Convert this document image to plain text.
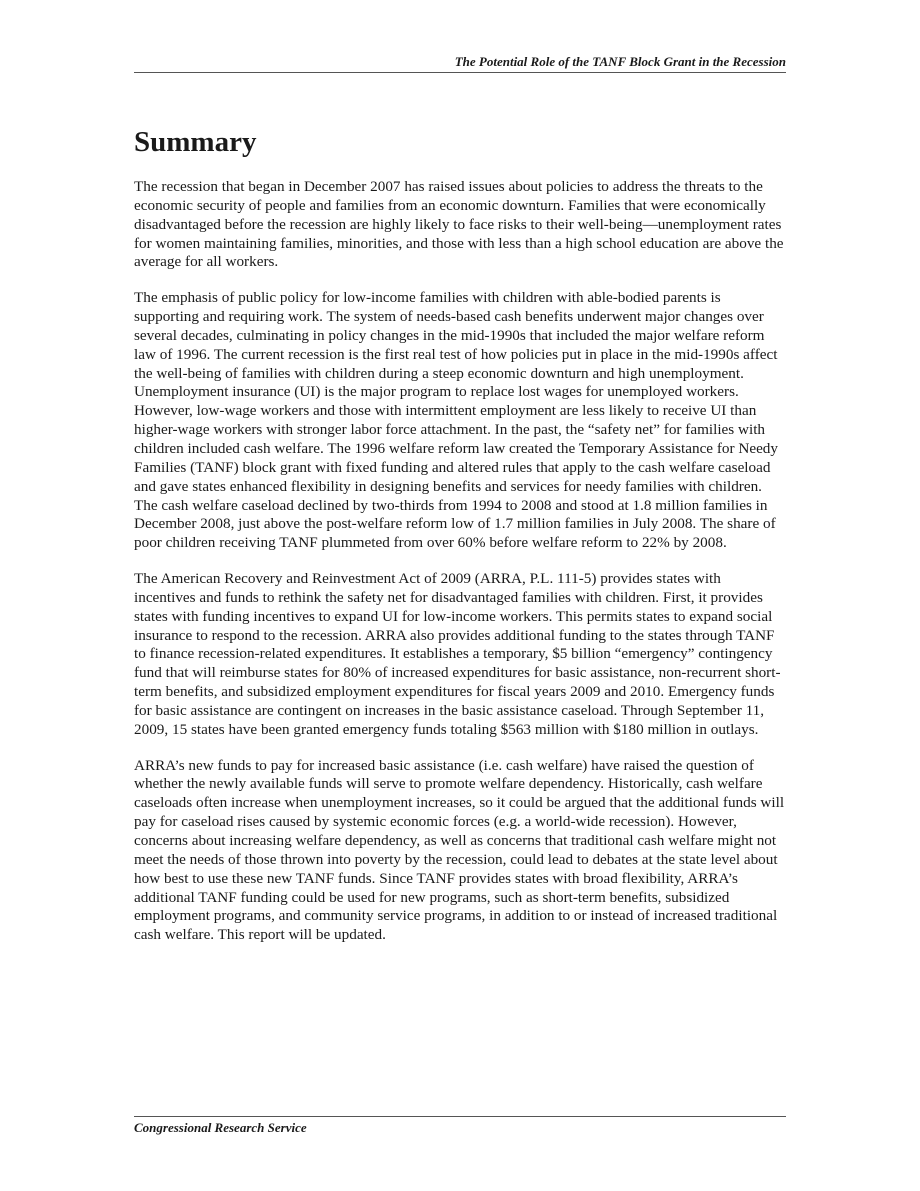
The Potential Role of the TANF Block Grant in the Recession
Summary

The recession that began in December 2007 has raised issues about policies to address the threats to the economic security of people and families from an economic downturn. Families that were economically disadvantaged before the recession are highly likely to face risks to their well-being—unemployment rates for women maintaining families, minorities, and those with less than a high school education are above the average for all workers.

The emphasis of public policy for low-income families with children with able-bodied parents is supporting and requiring work. The system of needs-based cash benefits underwent major changes over several decades, culminating in policy changes in the mid-1990s that included the major welfare reform law of 1996. The current recession is the first real test of how policies put in place in the mid-1990s affect the well-being of families with children during a steep economic downturn and high unemployment. Unemployment insurance (UI) is the major program to replace lost wages for unemployed workers. However, low-wage workers and those with intermittent employment are less likely to receive UI than higher-wage workers with stronger labor force attachment. In the past, the “safety net” for families with children included cash welfare. The 1996 welfare reform law created the Temporary Assistance for Needy Families (TANF) block grant with fixed funding and altered rules that apply to the cash welfare caseload and gave states enhanced flexibility in designing benefits and services for needy families with children. The cash welfare caseload declined by two-thirds from 1994 to 2008 and stood at 1.8 million families in December 2008, just above the post-welfare reform low of 1.7 million families in July 2008. The share of poor children receiving TANF plummeted from over 60% before welfare reform to 22% by 2008.

The American Recovery and Reinvestment Act of 2009 (ARRA, P.L. 111-5) provides states with incentives and funds to rethink the safety net for disadvantaged families with children. First, it provides states with funding incentives to expand UI for low-income workers. This permits states to expand social insurance to respond to the recession. ARRA also provides additional funding to the states through TANF to finance recession-related expenditures. It establishes a temporary, $5 billion “emergency” contingency fund that will reimburse states for 80% of increased expenditures for basic assistance, non-recurrent short-term benefits, and subsidized employment expenditures for fiscal years 2009 and 2010. Emergency funds for basic assistance are contingent on increases in the basic assistance caseload. Through September 11, 2009, 15 states have been granted emergency funds totaling $563 million with $180 million in outlays.

ARRA’s new funds to pay for increased basic assistance (i.e. cash welfare) have raised the question of whether the newly available funds will serve to promote welfare dependency. Historically, cash welfare caseloads often increase when unemployment increases, so it could be argued that the additional funds will pay for caseload rises caused by systemic economic forces (e.g. a world-wide recession). However, concerns about increasing welfare dependency, as well as concerns that traditional cash welfare might not meet the needs of those thrown into poverty by the recession, could lead to debates at the state level about how best to use these new TANF funds. Since TANF provides states with broad flexibility, ARRA’s additional TANF funding could be used for new programs, such as short-term benefits, subsidized employment programs, and community service programs, in addition to or instead of increased traditional cash welfare. This report will be updated.

Congressional Research Service
